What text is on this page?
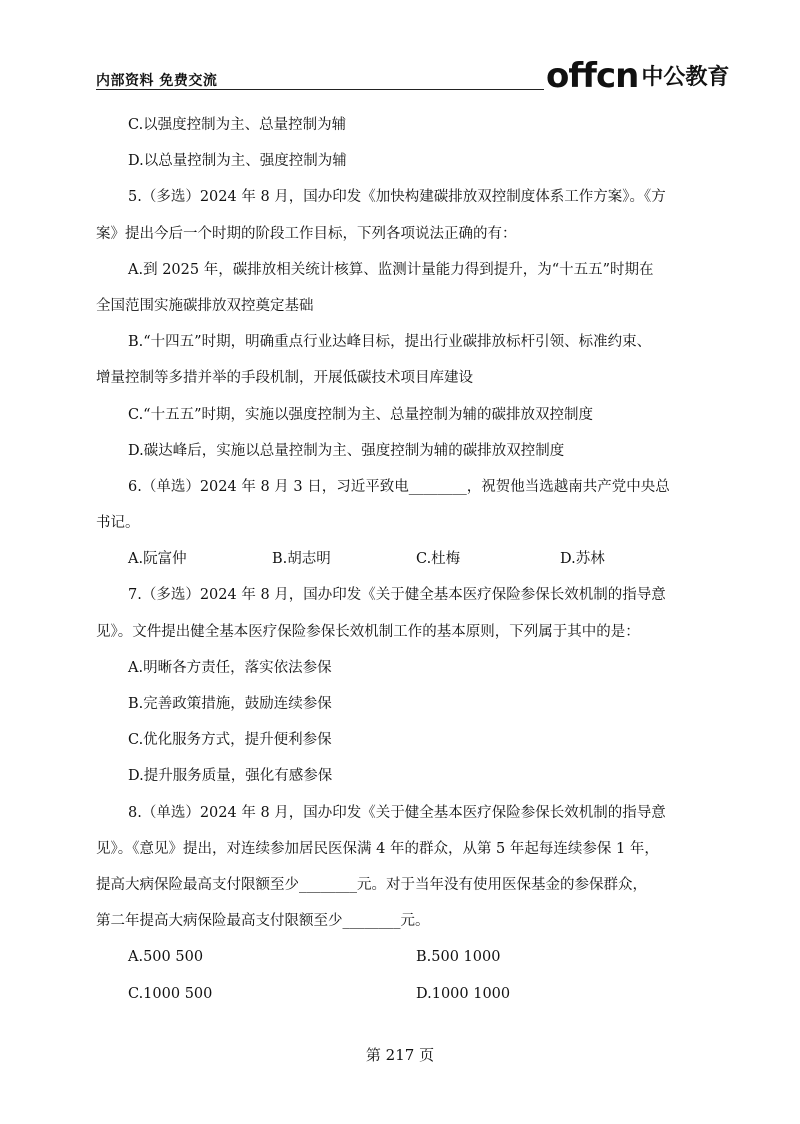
内部资料 免费交流	offcn 中公教育
C.以强度控制为主、总量控制为辅
D.以总量控制为主、强度控制为辅
5.（多选）2024 年 8 月，国办印发《加快构建碳排放双控制度体系工作方案》。《方
案》提出今后一个时期的阶段工作目标，下列各项说法正确的有：
A.到 2025 年，碳排放相关统计核算、监测计量能力得到提升，为“十五五”时期在
全国范围实施碳排放双控奠定基础
B.“十四五”时期，明确重点行业达峰目标，提出行业碳排放标杆引领、标准约束、
增量控制等多措并举的手段机制，开展低碳技术项目库建设
C.“十五五”时期，实施以强度控制为主、总量控制为辅的碳排放双控制度
D.碳达峰后，实施以总量控制为主、强度控制为辅的碳排放双控制度
6.（单选）2024 年 8 月 3 日，习近平致电________，祝贺他当选越南共产党中央总
书记。
A.阮富仲	B.胡志明	C.杜梅	D.苏林
7.（多选）2024 年 8 月，国办印发《关于健全基本医疗保险参保长效机制的指导意
见》。文件提出健全基本医疗保险参保长效机制工作的基本原则，下列属于其中的是：
A.明晰各方责任，落实依法参保
B.完善政策措施，鼓励连续参保
C.优化服务方式，提升便利参保
D.提升服务质量，强化有感参保
8.（单选）2024 年 8 月，国办印发《关于健全基本医疗保险参保长效机制的指导意
见》。《意见》提出，对连续参加居民医保满 4 年的群众，从第 5 年起每连续参保 1 年，
提高大病保险最高支付限额至少________元。对于当年没有使用医保基金的参保群众，
第二年提高大病保险最高支付限额至少________元。
A.500 500	B.500 1000
C.1000 500	D.1000 1000
第 217 页
